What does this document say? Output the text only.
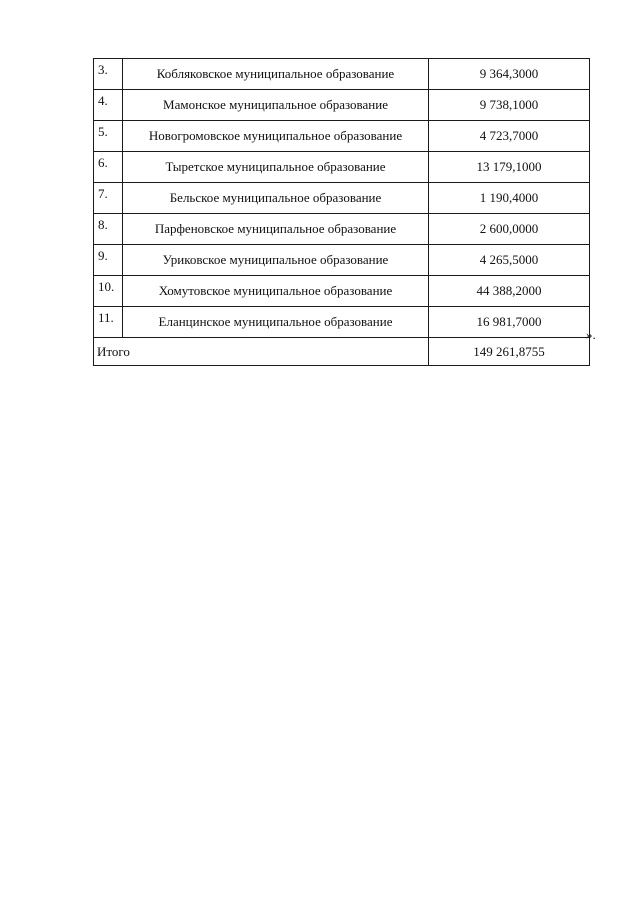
3.	Кобляковское муниципальное образование	9 364,3000
4.	Мамонское муниципальное образование	9 738,1000
5.	Новогромовское муниципальное образование	4 723,7000
6.	Тыретское муниципальное образование	13 179,1000
7.	Бельское муниципальное образование	1 190,4000
8.	Парфеновское муниципальное образование	2 600,0000
9.	Уриковское муниципальное образование	4 265,5000
10.	Хомутовское муниципальное образование	44 388,2000
11.	Еланцинское муниципальное образование	16 981,7000
Итого		149 261,8755
».
